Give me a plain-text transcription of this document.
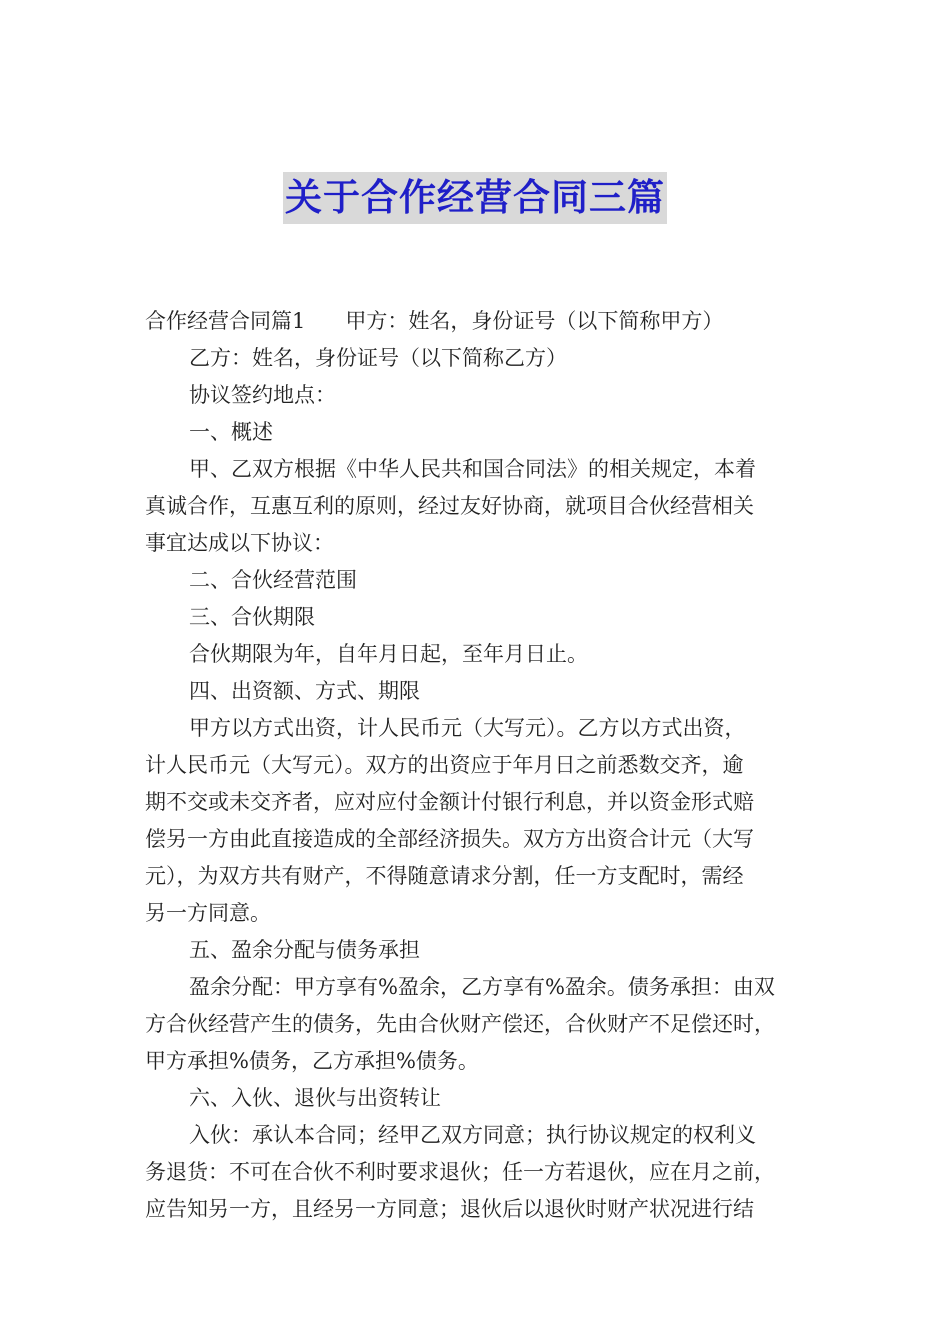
关于合作经营合同三篇
合作经营合同篇1 甲方：姓名，身份证号（以下简称甲方）
乙方：姓名，身份证号（以下简称乙方）
协议签约地点：
一、概述
甲、乙双方根据《中华人民共和国合同法》的相关规定，本着
真诚合作，互惠互利的原则，经过友好协商，就项目合伙经营相关
事宜达成以下协议：
二、合伙经营范围
三、合伙期限
合伙期限为年，自年月日起，至年月日止。
四、出资额、方式、期限
甲方以方式出资，计人民币元（大写元）。乙方以方式出资，
计人民币元（大写元）。双方的出资应于年月日之前悉数交齐，逾
期不交或未交齐者，应对应付金额计付银行利息，并以资金形式赔
偿另一方由此直接造成的全部经济损失。双方方出资合计元（大写
元），为双方共有财产，不得随意请求分割，任一方支配时，需经
另一方同意。
五、盈余分配与债务承担
盈余分配：甲方享有%盈余，乙方享有%盈余。债务承担：由双
方合伙经营产生的债务，先由合伙财产偿还，合伙财产不足偿还时，
甲方承担%债务，乙方承担%债务。
六、入伙、退伙与出资转让
入伙：承认本合同；经甲乙双方同意；执行协议规定的权利义
务退货：不可在合伙不利时要求退伙；任一方若退伙，应在月之前，
应告知另一方，且经另一方同意；退伙后以退伙时财产状况进行结
